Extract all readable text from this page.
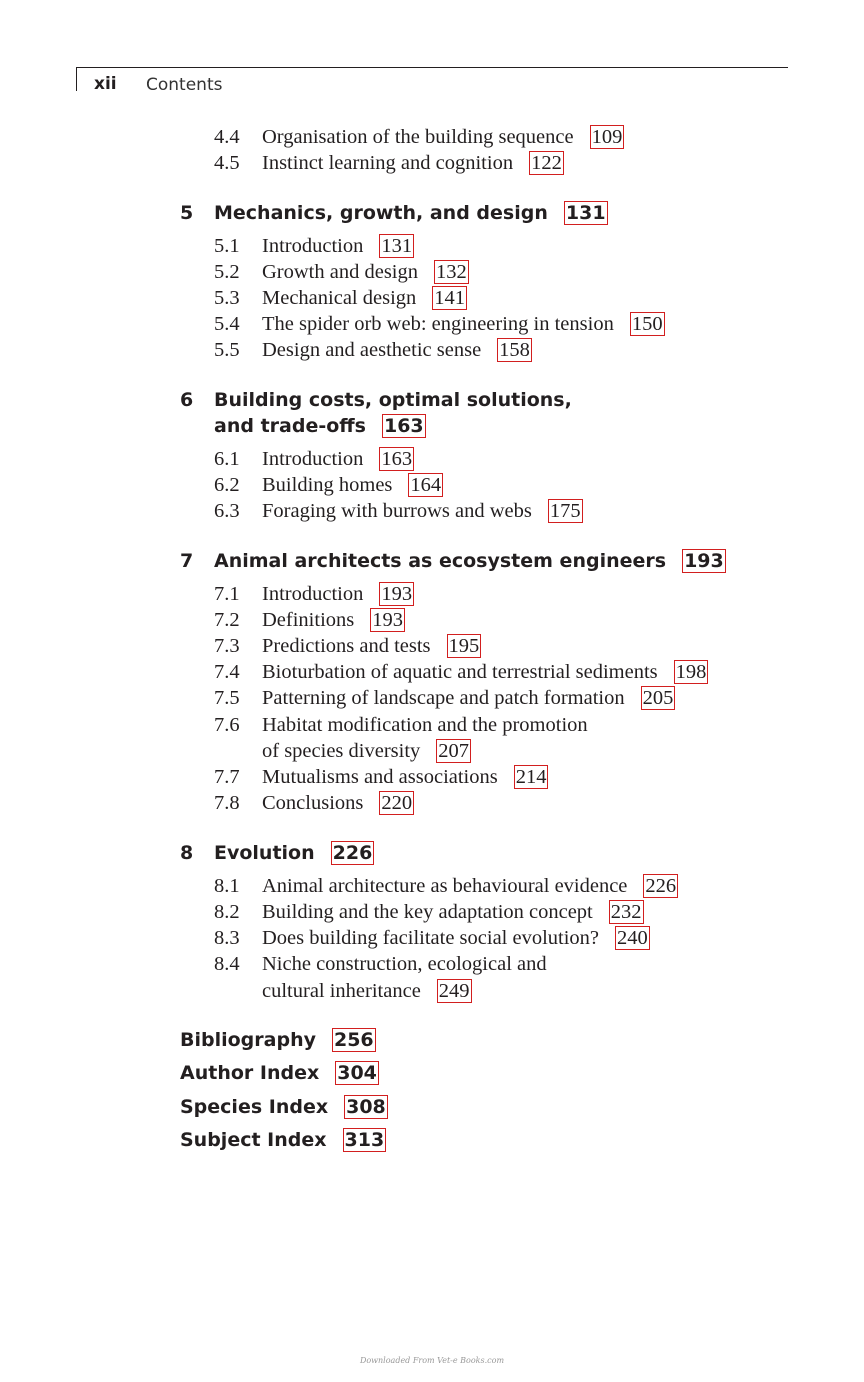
xii Contents
4.4 Organisation of the building sequence 109
4.5 Instinct learning and cognition 122
5 Mechanics, growth, and design 131
5.1 Introduction 131
5.2 Growth and design 132
5.3 Mechanical design 141
5.4 The spider orb web: engineering in tension 150
5.5 Design and aesthetic sense 158
6 Building costs, optimal solutions,
and trade-offs 163
6.1 Introduction 163
6.2 Building homes 164
6.3 Foraging with burrows and webs 175
7 Animal architects as ecosystem engineers 193
7.1 Introduction 193
7.2 Definitions 193
7.3 Predictions and tests 195
7.4 Bioturbation of aquatic and terrestrial sediments 198
7.5 Patterning of landscape and patch formation 205
7.6 Habitat modification and the promotion
of species diversity 207
7.7 Mutualisms and associations 214
7.8 Conclusions 220
8 Evolution 226
8.1 Animal architecture as behavioural evidence 226
8.2 Building and the key adaptation concept 232
8.3 Does building facilitate social evolution? 240
8.4 Niche construction, ecological and
cultural inheritance 249
Bibliography 256
Author Index 304
Species Index 308
Subject Index 313
Downloaded From Vet-e Books.com
